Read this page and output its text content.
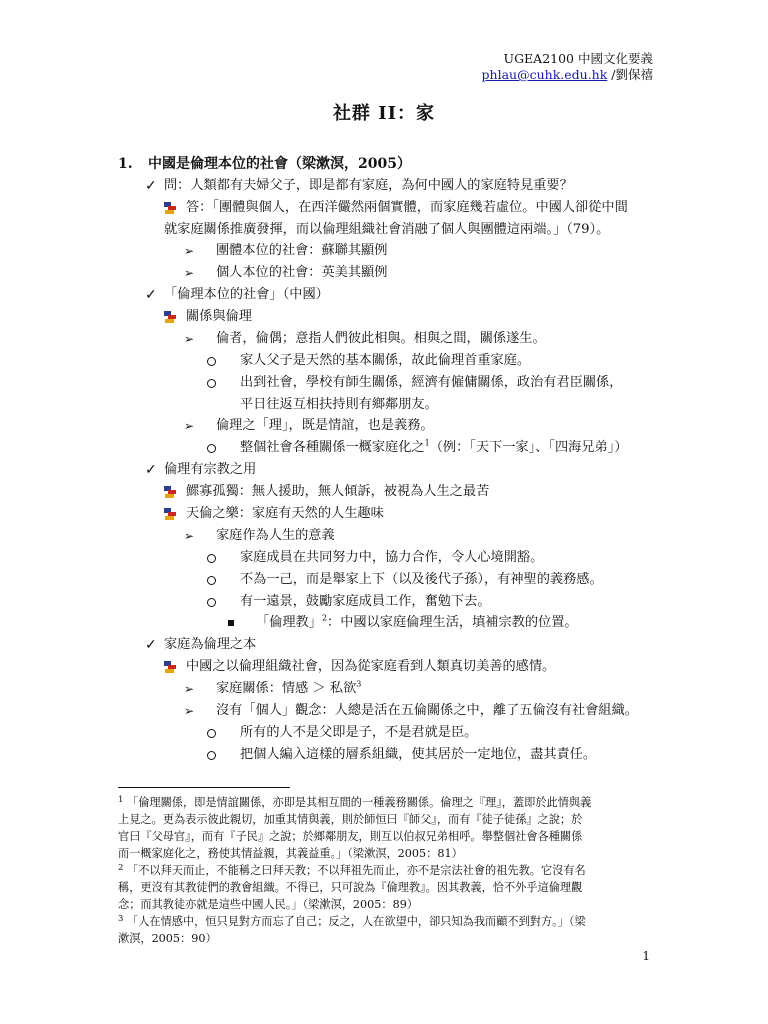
UGEA2100 中國文化要義
phlau@cuhk.edu.hk /劉保禧
社群 II：家
1. 中國是倫理本位的社會（梁漱溟，2005）
✓
➢
➢
✓
➢
➢
✓
➢
✓
➢
➢
問：人類都有夫婦父子，即是都有家庭，為何中國人的家庭特見重要？
答：「團體與個人，在西洋儼然兩個實體，而家庭幾若虛位。中國人卻從中間
就家庭關係推廣發揮，而以倫理組織社會消融了個人與團體這兩端。」（79）。
團體本位的社會：蘇聯其顯例
個人本位的社會：英美其顯例
「倫理本位的社會」（中國）
關係與倫理
倫者，倫偶；意指人們彼此相與。相與之間，關係遂生。
家人父子是天然的基本關係，故此倫理首重家庭。
出到社會，學校有師生關係，經濟有僱傭關係，政治有君臣關係，
平日往返互相扶持則有鄉鄰朋友。
倫理之「理」，既是情誼，也是義務。
整個社會各種關係一概家庭化之$^1$（例：「天下一家」、「四海兄弟」）
倫理有宗教之用
鰥寡孤獨：無人援助，無人傾訴，被視為人生之最苦
天倫之樂：家庭有天然的人生趣味
家庭作為人生的意義
家庭成員在共同努力中，協力合作，令人心境開豁。
不為一己，而是舉家上下（以及後代子孫），有神聖的義務感。
有一遠景，鼓勵家庭成員工作，奮勉下去。
「倫理教」$^2$：中國以家庭倫理生活，填補宗教的位置。
家庭為倫理之本
中國之以倫理組織社會，因為從家庭看到人類真切美善的感情。
家庭關係：情感 ＞ 私欲$^3$
沒有「個人」觀念：人總是活在五倫關係之中，離了五倫沒有社會組織。
所有的人不是父即是子，不是君就是臣。
把個人編入這樣的層系組織，使其居於一定地位，盡其責任。
1 「倫理關係，即是情誼關係，亦即是其相互間的一種義務關係。倫理之『理』，蓋即於此情與義

上見之。更為表示彼此親切，加重其情與義，則於師恒曰『師父』，而有『徒子徒孫』之說；於

官曰『父母官』，而有『子民』之說；於鄉鄰朋友，則互以伯叔兄弟相呼。舉整個社會各種關係

而一概家庭化之，務使其情益親，其義益重。」（梁漱溟，2005：81）

2 「不以拜天而止，不能稱之曰拜天教；不以拜祖先而止，亦不是宗法社會的祖先教。它沒有名

稱，更沒有其教徒們的教會組織。不得已，只可說為『倫理教』。因其教義，恰不外乎這倫理觀

念；而其教徒亦就是這些中國人民。」（梁漱溟，2005：89）

3 「人在情感中，恒只見對方而忘了自己；反之，人在欲望中，卻只知為我而顧不到對方。」（梁

漱溟，2005：90）

1
